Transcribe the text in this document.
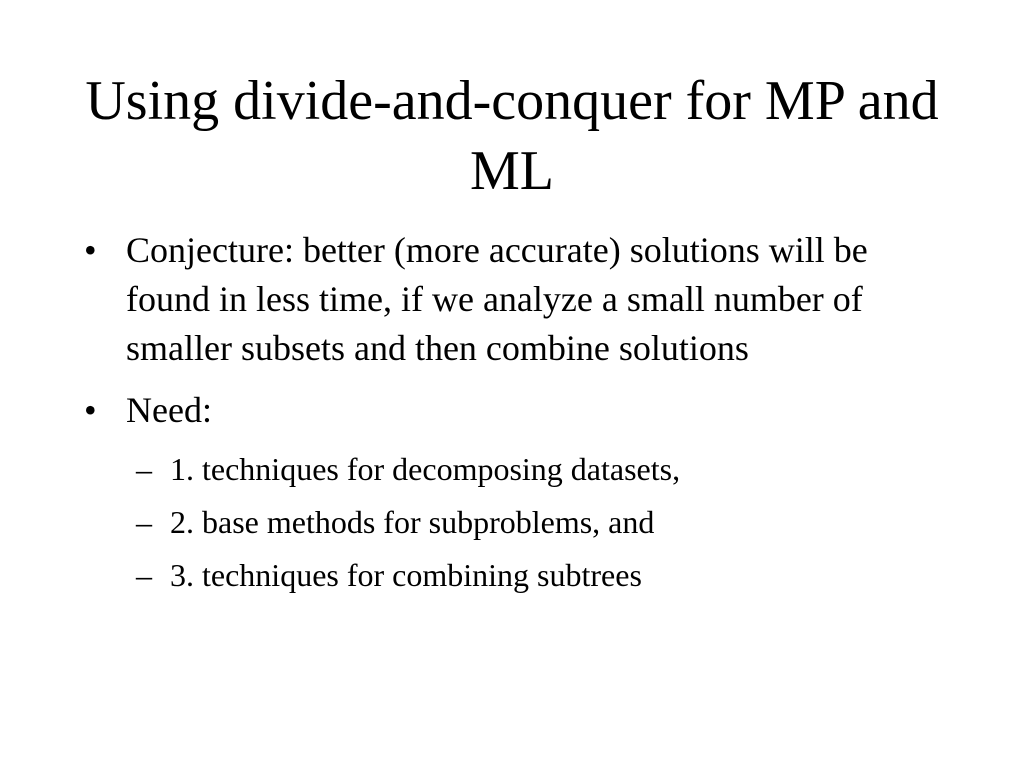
Using divide-and-conquer for MP and ML
• Conjecture: better (more accurate) solutions will be found in less time, if we analyze a small number of smaller subsets and then combine solutions
• Need:
– 1. techniques for decomposing datasets,
– 2. base methods for subproblems, and
– 3. techniques for combining subtrees
